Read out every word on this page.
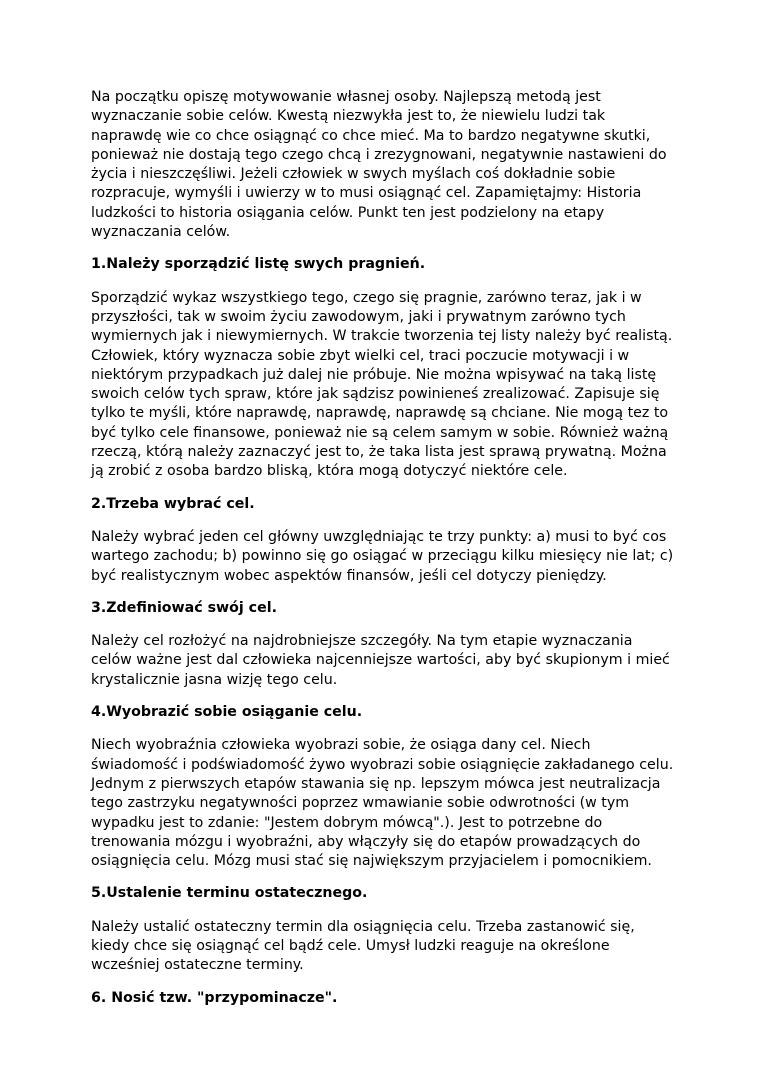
Na początku opiszę motywowanie własnej osoby. Najlepszą metodą jest
wyznaczanie sobie celów. Kwestą niezwykła jest to, że niewielu ludzi tak
naprawdę wie co chce osiągnąć co chce mieć. Ma to bardzo negatywne skutki,
ponieważ nie dostają tego czego chcą i zrezygnowani, negatywnie nastawieni do
życia i nieszczęśliwi. Jeżeli człowiek w swych myślach coś dokładnie sobie
rozpracuje, wymyśli i uwierzy w to musi osiągnąć cel. Zapamiętajmy: Historia
ludzkości to historia osiągania celów. Punkt ten jest podzielony na etapy
wyznaczania celów.

1.Należy sporządzić listę swych pragnień.

Sporządzić wykaz wszystkiego tego, czego się pragnie, zarówno teraz, jak i w
przyszłości, tak w swoim życiu zawodowym, jaki i prywatnym zarówno tych
wymiernych jak i niewymiernych. W trakcie tworzenia tej listy należy być realistą.
Człowiek, który wyznacza sobie zbyt wielki cel, traci poczucie motywacji i w
niektórym przypadkach już dalej nie próbuje. Nie można wpisywać na taką listę
swoich celów tych spraw, które jak sądzisz powinieneś zrealizować. Zapisuje się
tylko te myśli, które naprawdę, naprawdę, naprawdę są chciane. Nie mogą tez to
być tylko cele finansowe, ponieważ nie są celem samym w sobie. Również ważną
rzeczą, którą należy zaznaczyć jest to, że taka lista jest sprawą prywatną. Można
ją zrobić z osoba bardzo bliską, która mogą dotyczyć niektóre cele.

2.Trzeba wybrać cel.

Należy wybrać jeden cel główny uwzględniając te trzy punkty: a) musi to być cos
wartego zachodu; b) powinno się go osiągać w przeciągu kilku miesięcy nie lat; c)
być realistycznym wobec aspektów finansów, jeśli cel dotyczy pieniędzy.

3.Zdefiniować swój cel.

Należy cel rozłożyć na najdrobniejsze szczegóły. Na tym etapie wyznaczania
celów ważne jest dal człowieka najcenniejsze wartości, aby być skupionym i mieć
krystalicznie jasna wizję tego celu.

4.Wyobrazić sobie osiąganie celu.

Niech wyobraźnia człowieka wyobrazi sobie, że osiąga dany cel. Niech
świadomość i podświadomość żywo wyobrazi sobie osiągnięcie zakładanego celu.
Jednym z pierwszych etapów stawania się np. lepszym mówca jest neutralizacja
tego zastrzyku negatywności poprzez wmawianie sobie odwrotności (w tym
wypadku jest to zdanie: "Jestem dobrym mówcą".). Jest to potrzebne do
trenowania mózgu i wyobraźni, aby włączyły się do etapów prowadzących do
osiągnięcia celu. Mózg musi stać się największym przyjacielem i pomocnikiem.

5.Ustalenie terminu ostatecznego.

Należy ustalić ostateczny termin dla osiągnięcia celu. Trzeba zastanowić się,
kiedy chce się osiągnąć cel bądź cele. Umysł ludzki reaguje na określone
wcześniej ostateczne terminy.

6. Nosić tzw. "przypominacze".
